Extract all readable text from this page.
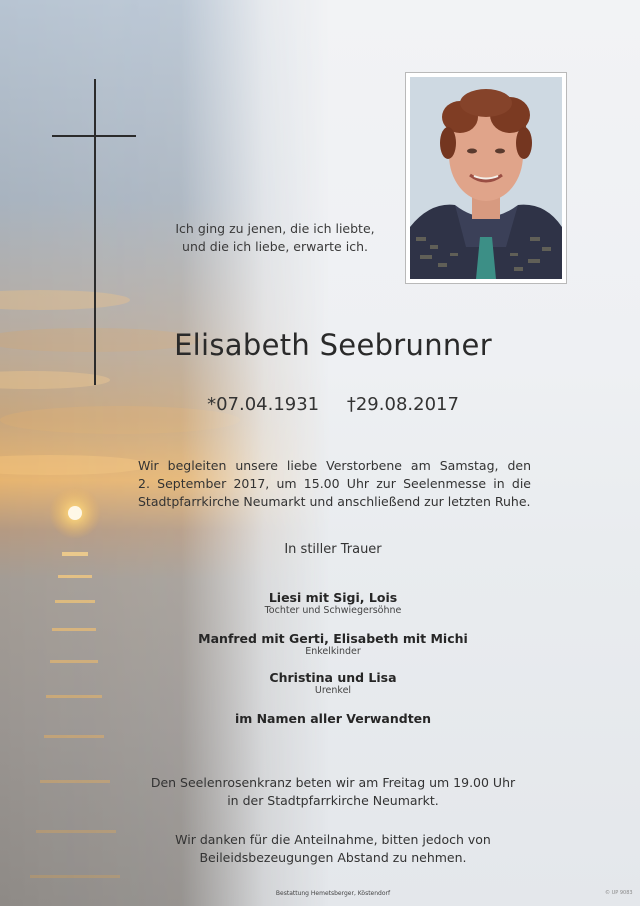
Ich ging zu jenen, die ich liebte,
und die ich liebe, erwarte ich.
Elisabeth Seebrunner
*07.04.1931 †29.08.2017
Wir begleiten unsere liebe Verstorbene am Samstag, den
2. September 2017, um 15.00 Uhr zur Seelenmesse in die
Stadtpfarrkirche Neumarkt und anschließend zur letzten Ruhe.
In stiller Trauer
Liesi mit Sigi, Lois
Tochter und Schwiegersöhne
Manfred mit Gerti, Elisabeth mit Michi
Enkelkinder
Christina und Lisa
Urenkel
im Namen aller Verwandten
Den Seelenrosenkranz beten wir am Freitag um 19.00 Uhr
in der Stadtpfarrkirche Neumarkt.
Wir danken für die Anteilnahme, bitten jedoch von
Beileidsbezeugungen Abstand zu nehmen.
Bestattung Hemetsberger, Köstendorf	© UP 9083
